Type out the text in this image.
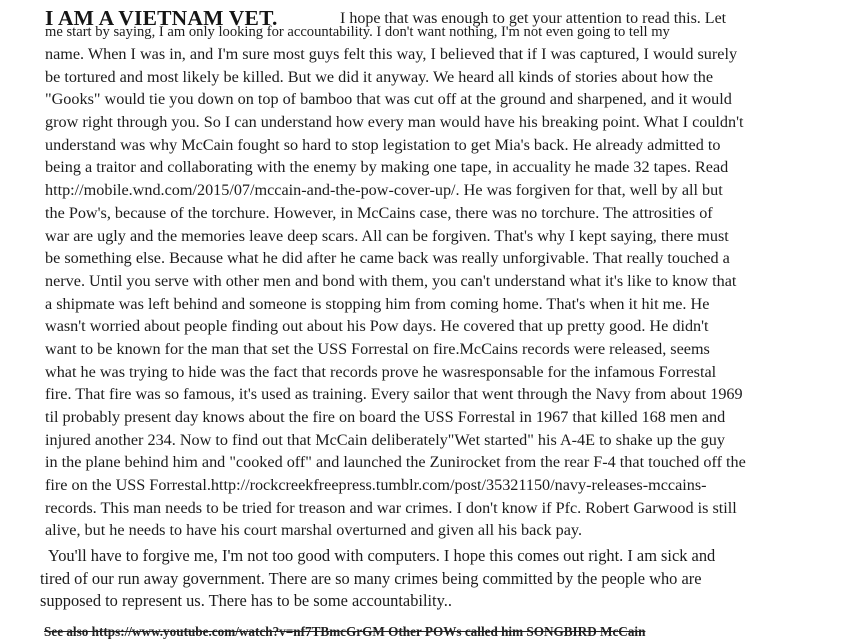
I AM A VIETNAM VET.	I hope that was enough to get your attention to read this. Let
me start by saying, I am only looking for accountability. I don't want nothing, I'm not even going to tell my
name. When I was in, and I'm sure most guys felt this way, I believed that if I was captured, I would surely
be tortured and most likely be killed. But we did it anyway. We heard all kinds of stories about how the
"Gooks" would tie you down on top of bamboo that was cut off at the ground and sharpened, and it would
grow right through you. So I can understand how every man would have his breaking point. What I couldn't
understand was why McCain fought so hard to stop legistation to get Mia's back. He already admitted to
being a traitor and collaborating with the enemy by making one tape, in accuality he made 32 tapes. Read
http://mobile.wnd.com/2015/07/mccain-and-the-pow-cover-up/. He was forgiven for that, well by all but
the Pow's, because of the torchure. However, in McCains case, there was no torchure. The attrosities of
war are ugly and the memories leave deep scars. All can be forgiven. That's why I kept saying, there must
be something else. Because what he did after he came back was really unforgivable. That really touched a
nerve. Until you serve with other men and bond with them, you can't understand what it's like to know that
a shipmate was left behind and someone is stopping him from coming home. That's when it hit me. He
wasn't worried about people finding out about his Pow days. He covered that up pretty good. He didn't
want to be known for the man that set the USS Forrestal on fire.McCains records were released, seems
what he was trying to hide was the fact that records prove he wasresponsable for the infamous Forrestal
fire. That fire was so famous, it's used as training. Every sailor that went through the Navy from about 1969
til probably present day knows about the fire on board the USS Forrestal in 1967 that killed 168 men and
injured another 234. Now to find out that McCain deliberately"Wet started" his A-4E to shake up the guy
in the plane behind him and "cooked off" and launched the Zunirocket from the rear F-4 that touched off the
fire on the USS Forrestal.http://rockcreekfreepress.tumblr.com/post/35321150/navy-releases-mccains-
records. This man needs to be tried for treason and war crimes. I don't know if Pfc. Robert Garwood is still
alive, but he needs to have his court marshal overturned and given all his back pay.
You'll have to forgive me, I'm not too good with computers. I hope this comes out right. I am sick and
tired of our run away government. There are so many crimes being committed by the people who are
supposed to represent us. There has to be some accountability..
See also https://www.youtube.com/watch?v=nf7TBmcGrGM Other POWs called him SONGBIRD McCain
